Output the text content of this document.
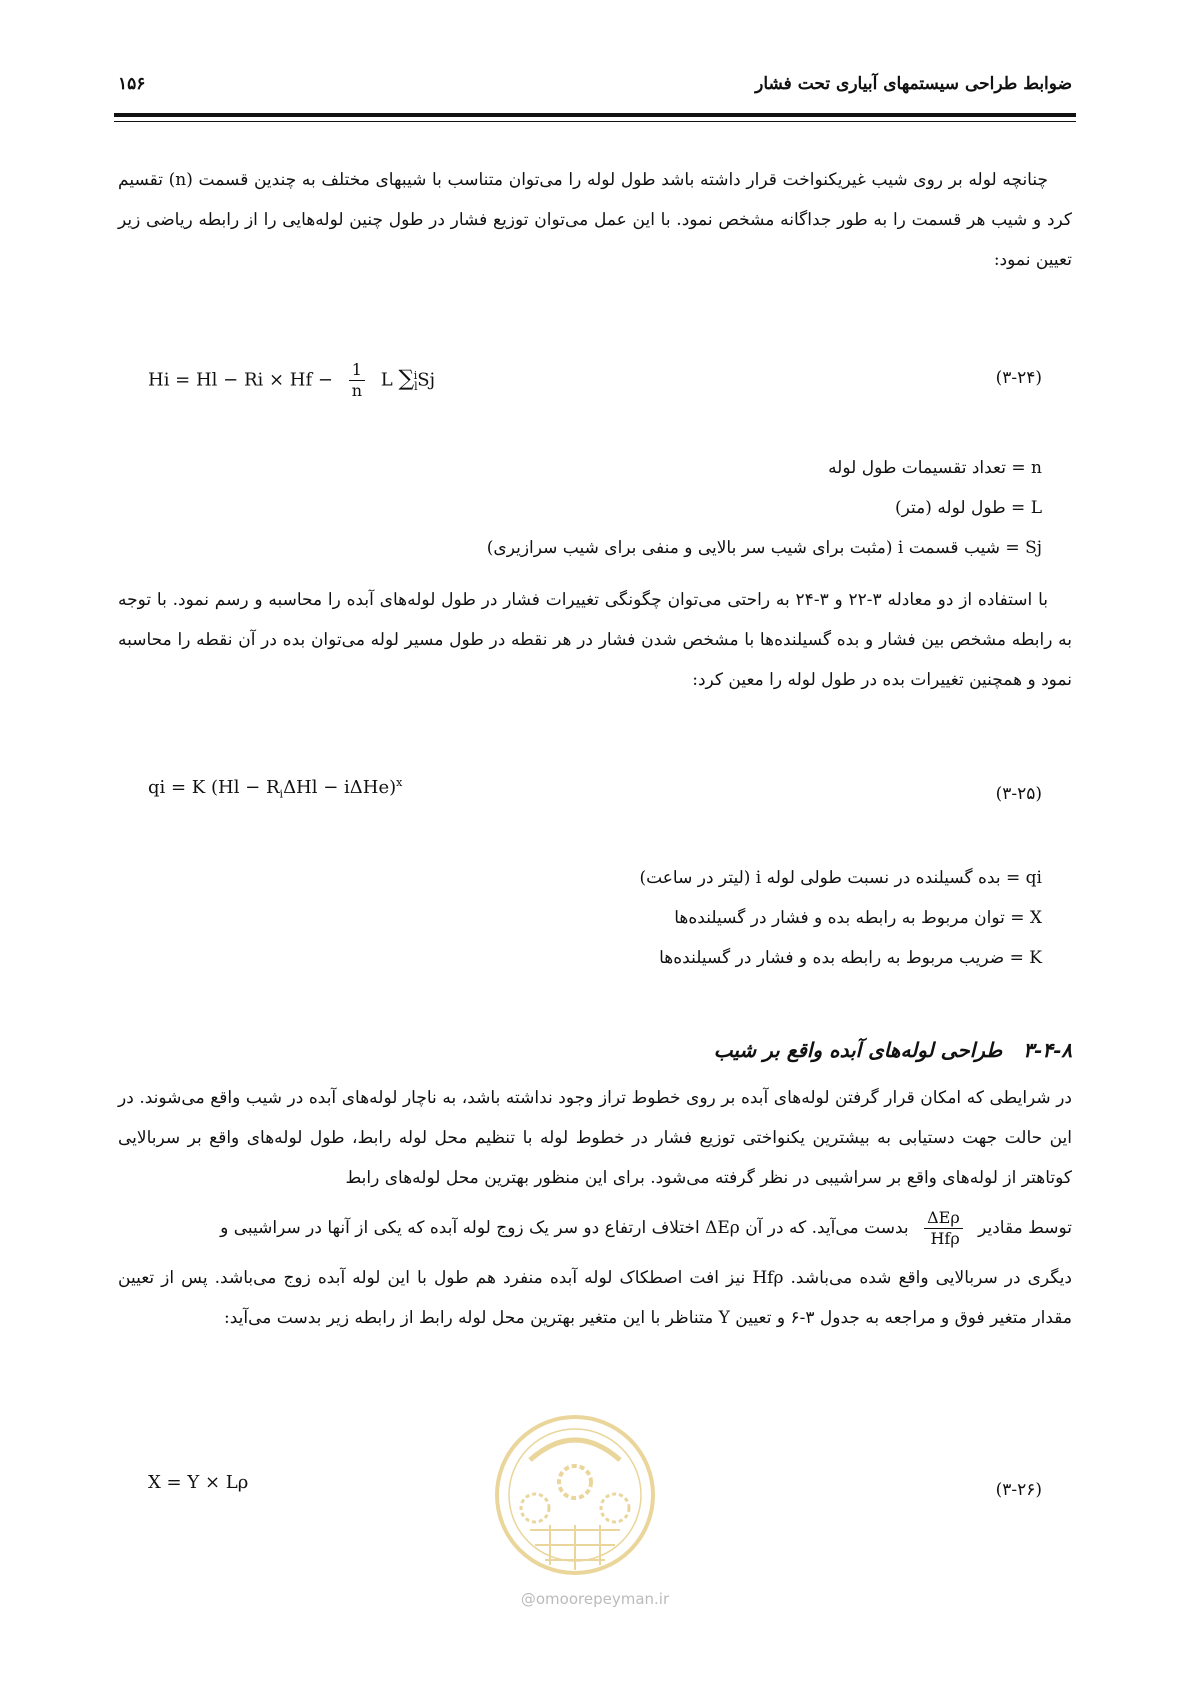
ضوابط طراحی سیستمهای آبیاری تحت فشار
۱۵۶
چنانچه لوله بر روی شیب غیریکنواخت قرار داشته باشد طول لوله را می‌توان متناسب با شیبهای مختلف به چندین قسمت (n) تقسیم کرد و شیب هر قسمت را به طور جداگانه مشخص نمود. با این عمل می‌توان توزیع فشار در طول چنین لوله‌هایی را از رابطه ریاضی زیر تعیین نمود:
$Hi = Hl - Ri \times Hf - \frac{1}{n}$ L $\sum_l^iSj$	(۳-۲۴)
n = تعداد تقسیمات طول لوله
L = طول لوله (متر)
Sj = شیب قسمت i (مثبت برای شیب سر بالایی و منفی برای شیب سرازیری)
با استفاده از دو معادله ۳-۲۲ و ۳-۲۴ به راحتی می‌توان چگونگی تغییرات فشار در طول لوله‌های آبده را محاسبه و رسم نمود. با توجه به رابطه مشخص بین فشار و بده گسیلنده‌ها با مشخص شدن فشار در هر نقطه در طول مسیر لوله می‌توان بده در آن نقطه را محاسبه نمود و همچنین تغییرات بده در طول لوله را معین کرد:
qi = K $(Hl - R_i\Delta Hl - i\Delta He)^x$
(۳-۲۵)
qi = بده گسیلنده در نسبت طولی لوله i (لیتر در ساعت)
X = توان مربوط به رابطه بده و فشار در گسیلنده‌ها
K = ضریب مربوط به رابطه بده و فشار در گسیلنده‌ها
۳-۴-۸ طراحی لوله‌های آبده واقع بر شیب
در شرایطی که امکان قرار گرفتن لوله‌های آبده بر روی خطوط تراز وجود نداشته باشد، به ناچار لوله‌های آبده در شیب واقع می‌شوند. در این حالت جهت دستیابی به بیشترین یکنواختی توزیع فشار در خطوط لوله با تنظیم محل لوله رابط، طول لوله‌های واقع بر سربالایی کوتاهتر از لوله‌های واقع بر سراشیبی در نظر گرفته می‌شود. برای این منظور بهترین محل لوله‌های رابط
توسط مقادیر
$\frac{\text{ΔEρ}}{\text{Hfρ}}$
بدست می‌آید. که در آن ΔEρ اختلاف ارتفاع دو سر یک زوج لوله آبده که یکی از آنها در سراشیبی و
دیگری در سربالایی واقع شده می‌باشد. Hfρ نیز افت اصطکاک لوله آبده منفرد هم طول با این لوله آبده زوج می‌باشد. پس از تعیین مقدار متغیر فوق و مراجعه به جدول ۳-۶ و تعیین Y متناظر با این متغیر بهترین محل لوله رابط از رابطه زیر بدست می‌آید:
X = Y × Lρ	(۳-۲۶)
@omoorepeyman.ir
